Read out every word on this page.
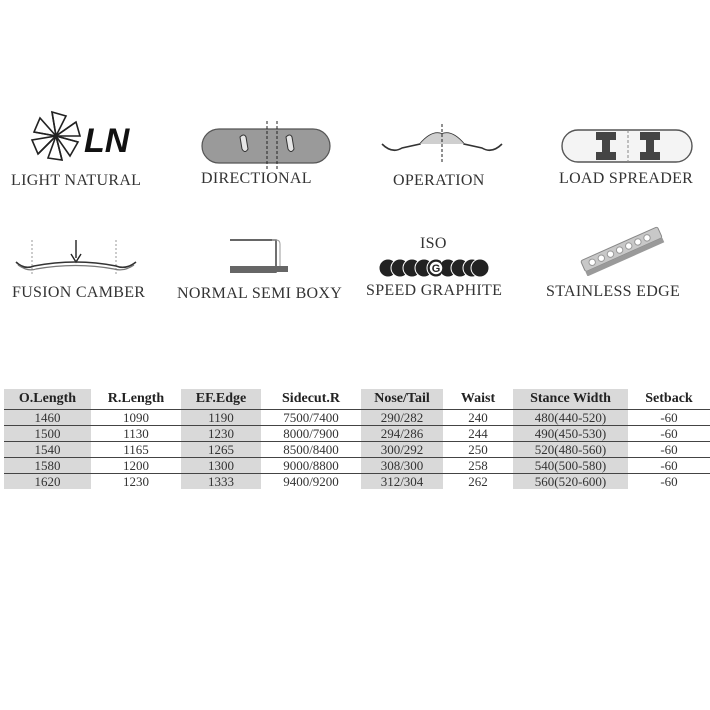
LN
LIGHT NATURAL	DIRECTIONAL	OPERATION	LOAD SPREADER
FUSION CAMBER NORMAL SEMI BOXY
ISO
G
SPEED GRAPHITE	STAINLESS EDGE
O.Length	R.Length	EF.Edge	Sidecut.R	Nose/Tail	Waist	Stance Width	Setback
1460	1090	1190	7500/7400	290/282	240	480(440-520)	-60
1500	1130	1230	8000/7900	294/286	244	490(450-530)	-60
1540	1165	1265	8500/8400	300/292	250	520(480-560)	-60
1580	1200	1300	9000/8800	308/300	258	540(500-580)	-60
1620	1230	1333	9400/9200	312/304	262	560(520-600)	-60
